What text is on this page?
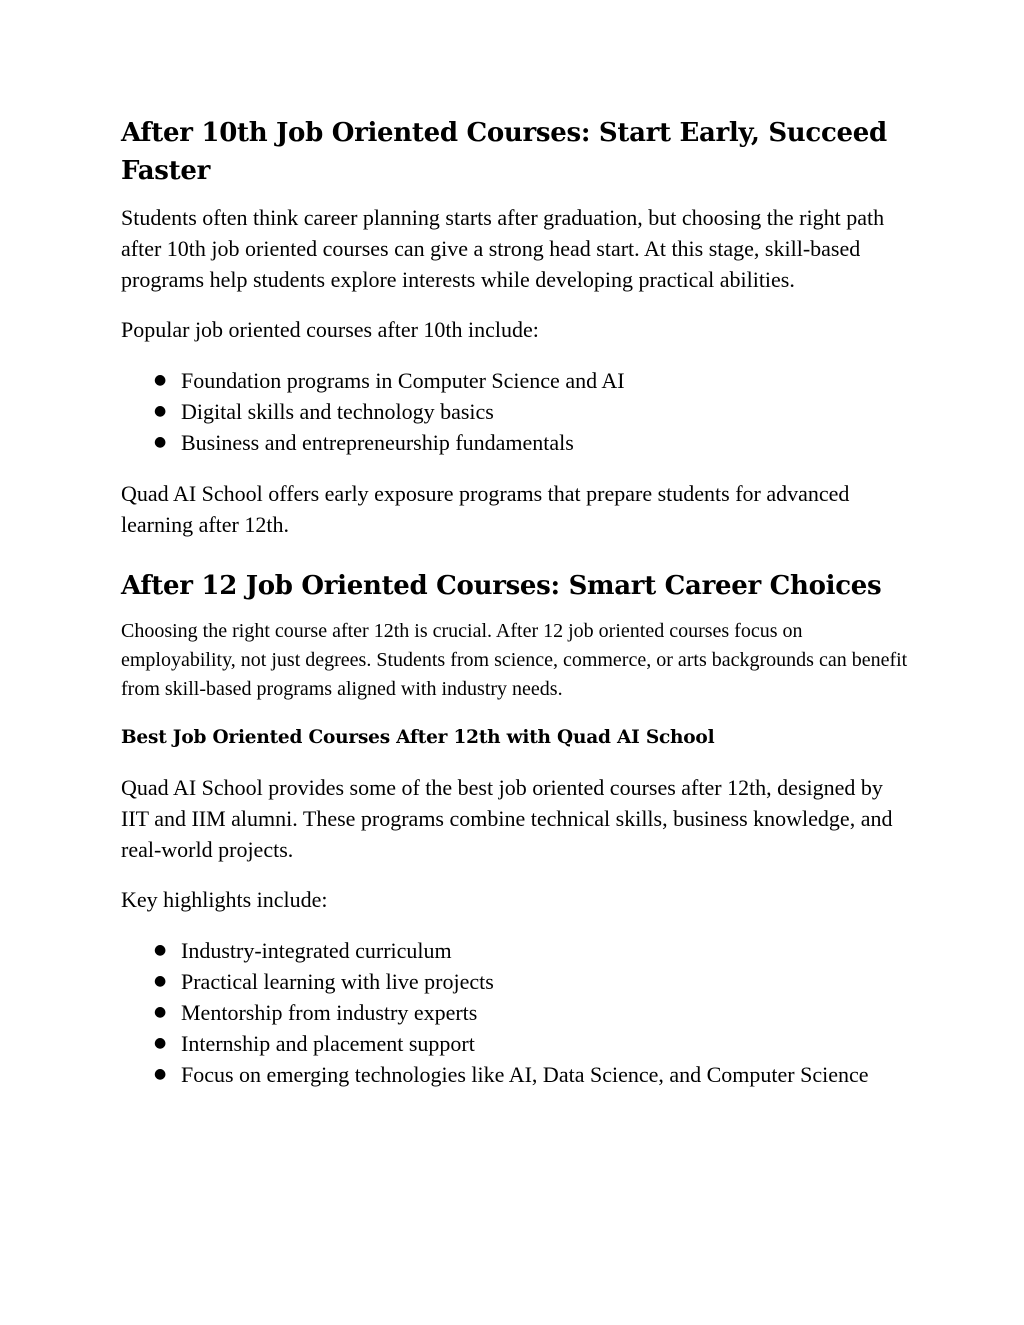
After 10th Job Oriented Courses: Start Early, Succeed Faster

Students often think career planning starts after graduation, but choosing the right path after 10th job oriented courses can give a strong head start. At this stage, skill-based programs help students explore interests while developing practical abilities.

Popular job oriented courses after 10th include:

● Foundation programs in Computer Science and AI
● Digital skills and technology basics
● Business and entrepreneurship fundamentals

Quad AI School offers early exposure programs that prepare students for advanced learning after 12th.

After 12 Job Oriented Courses: Smart Career Choices

Choosing the right course after 12th is crucial. After 12 job oriented courses focus on employability, not just degrees. Students from science, commerce, or arts backgrounds can benefit from skill-based programs aligned with industry needs.

Best Job Oriented Courses After 12th with Quad AI School

Quad AI School provides some of the best job oriented courses after 12th, designed by IIT and IIM alumni. These programs combine technical skills, business knowledge, and real-world projects.

Key highlights include:

● Industry-integrated curriculum
● Practical learning with live projects
● Mentorship from industry experts
● Internship and placement support
● Focus on emerging technologies like AI, Data Science, and Computer Science
